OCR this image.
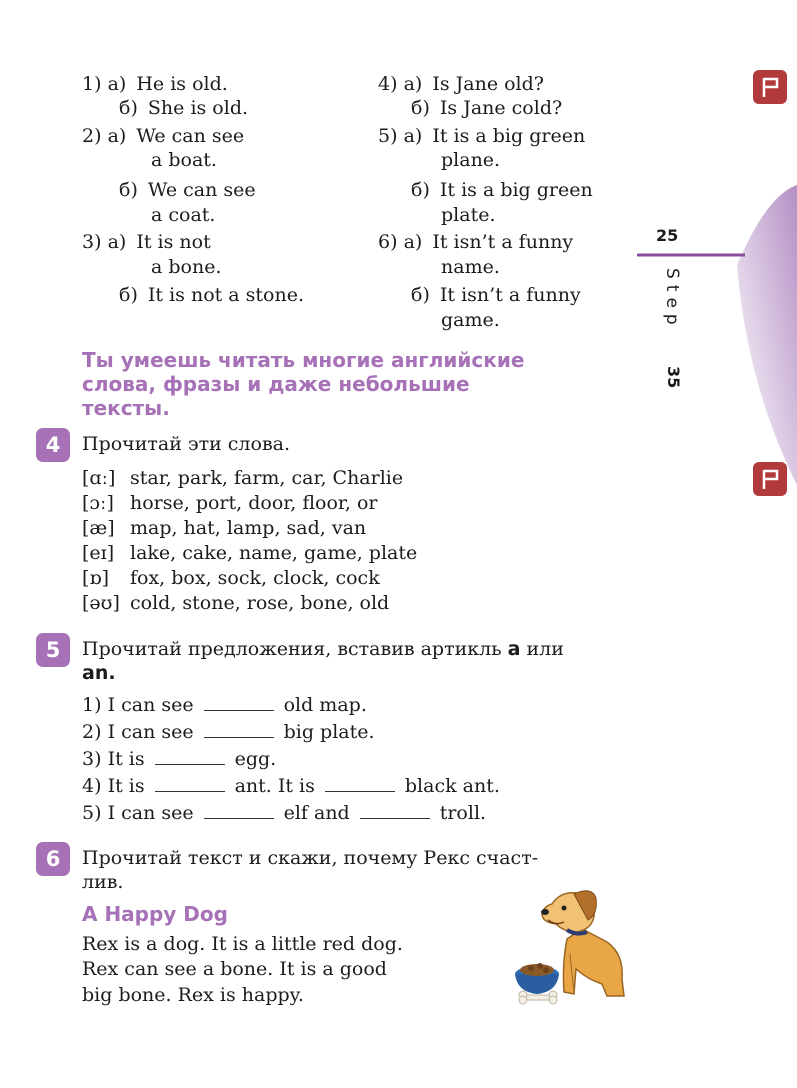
25
Step
35
1) а) He is old.
б) She is old.
2) а) We can see
a boat.
б) We can see
a coat.
3) а) It is not
a bone.
б) It is not a stone.
4) а) Is Jane old?
б) Is Jane cold?
5) а) It is a big green
plane.
б) It is a big green
plate.
6) а) It isn’t a funny
name.
б) It isn’t a funny
game.
Ты умеешь читать многие английские
слова, фразы и даже небольшие
тексты.
4	Прочитай эти слова.
[ɑː] star, park, farm, car, Charlie
[ɔː] horse, port, door, floor, or
[æ] map, hat, lamp, sad, van
[eɪ] lake, cake, name, game, plate
[ɒ] fox, box, sock, clock, cock
[əʊ] cold, stone, rose, bone, old
5	Прочитай предложения, вставив артикль a или
an.
1) I can see	old map.
2) I can see	big plate.
3) It is	egg.
4) It is	ant. It is	black ant.
5) I can see	elf and	troll.
6	Прочитай текст и скажи, почему Рекс счаст-
лив.
A Happy Dog
Rex is a dog. It is a little red dog.
Rex can see a bone. It is a good
big bone. Rex is happy.
